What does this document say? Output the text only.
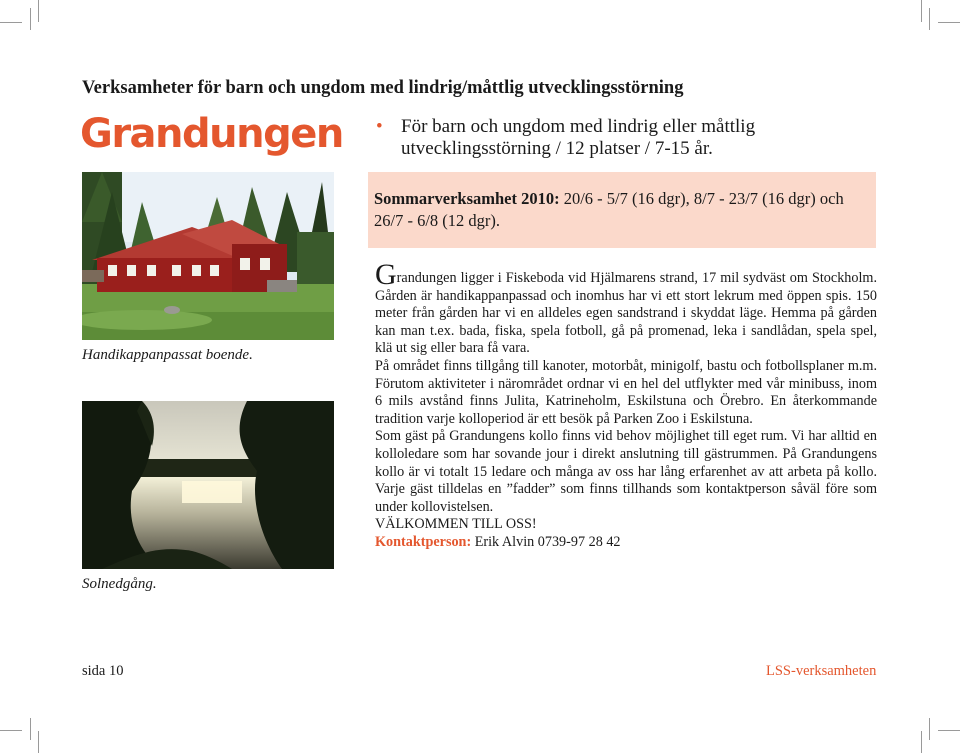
Verksamheter för barn och ungdom med lindrig/måttlig utvecklingsstörning
Grandungen • För barn och ungdom med lindrig eller måttlig utvecklingsstörning / 12 platser / 7-15 år.
Sommarverksamhet 2010: 20/6 - 5/7 (16 dgr), 8/7 - 23/7 (16 dgr) och 26/7 - 6/8 (12 dgr).
Handikappanpassat boende.
Solnedgång.

Grandungen ligger i Fiskeboda vid Hjälmarens strand, 17 mil sydväst om Stockholm. Gården är handikappanpassad och inomhus har vi ett stort lekrum med öppen spis. 150 meter från gården har vi en alldeles egen sandstrand i skyddat läge. Hemma på gården kan man t.ex. bada, fiska, spela fotboll, gå på promenad, leka i sandlådan, spela spel, klä ut sig eller bara få vara.

På området finns tillgång till kanoter, motorbåt, minigolf, bastu och fotbollsplaner m.m. Förutom aktiviteter i närområdet ordnar vi en hel del utflykter med vår minibuss, inom 6 mils avstånd finns Julita, Katrineholm, Eskilstuna och Örebro. En återkommande tradition varje kolloperiod är ett besök på Parken Zoo i Eskilstuna.

Som gäst på Grandungens kollo finns vid behov möjlighet till eget rum. Vi har alltid en kolloledare som har sovande jour i direkt anslutning till gästrummen. På Grandungens kollo är vi totalt 15 ledare och många av oss har lång erfarenhet av att arbeta på kollo. Varje gäst tilldelas en ”fadder” som finns tillhands som kontaktperson såväl före som under kollovistelsen.

VÄLKOMMEN TILL OSS!

Kontaktperson: Erik Alvin 0739-97 28 42

sida 10	LSS-verksamheten
